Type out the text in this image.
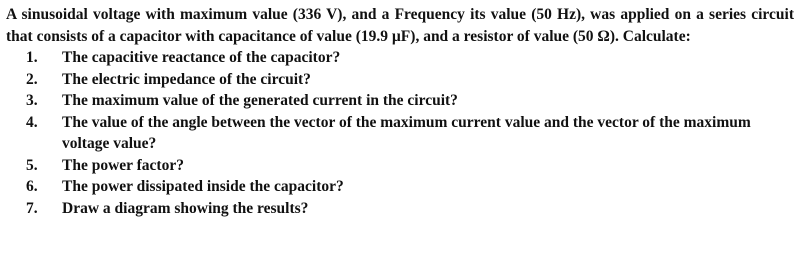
A sinusoidal voltage with maximum value (336 V), and a Frequency its value (50 Hz), was applied on a series circuit that consists of a capacitor with capacitance of value (19.9 µF), and a resistor of value (50 Ω). Calculate:

1.	The capacitive reactance of the capacitor?
2.	The electric impedance of the circuit?
3.	The maximum value of the generated current in the circuit?
4.	The value of the angle between the vector of the maximum current value and the vector of the maximum voltage value?
5.	The power factor?
6.	The power dissipated inside the capacitor?
7.	Draw a diagram showing the results?
